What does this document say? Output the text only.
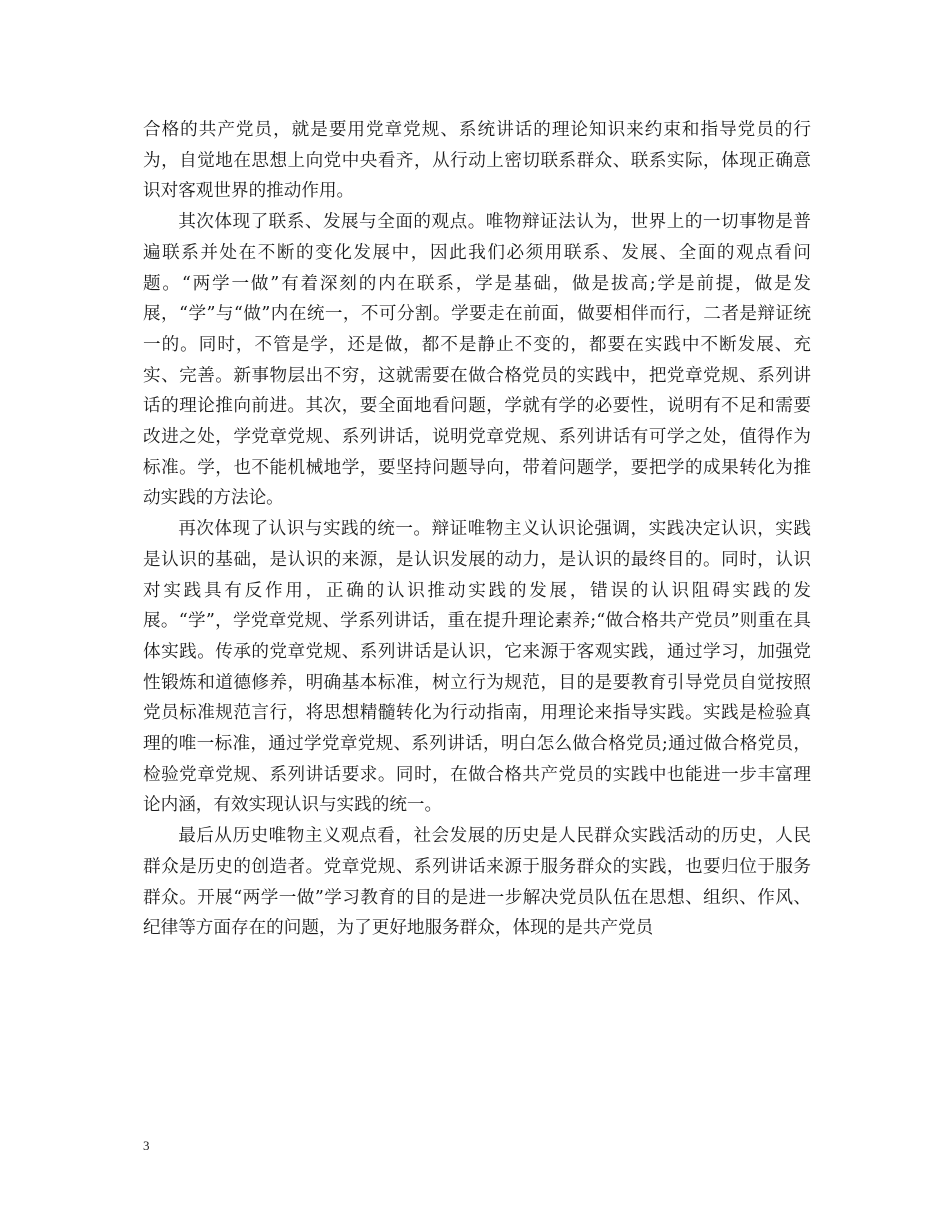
合格的共产党员，就是要用党章党规、系统讲话的理论知识来约束和指导党员的行为，自觉地在思想上向党中央看齐，从行动上密切联系群众、联系实际，体现正确意识对客观世界的推动作用。

其次体现了联系、发展与全面的观点。唯物辩证法认为，世界上的一切事物是普遍联系并处在不断的变化发展中，因此我们必须用联系、发展、全面的观点看问题。“两学一做”有着深刻的内在联系，学是基础，做是拔高;学是前提，做是发展，“学”与“做”内在统一，不可分割。学要走在前面，做要相伴而行，二者是辩证统一的。同时，不管是学，还是做，都不是静止不变的，都要在实践中不断发展、充实、完善。新事物层出不穷，这就需要在做合格党员的实践中，把党章党规、系列讲话的理论推向前进。其次，要全面地看问题，学就有学的必要性，说明有不足和需要改进之处，学党章党规、系列讲话，说明党章党规、系列讲话有可学之处，值得作为标准。学，也不能机械地学，要坚持问题导向，带着问题学，要把学的成果转化为推动实践的方法论。

再次体现了认识与实践的统一。辩证唯物主义认识论强调，实践决定认识，实践是认识的基础，是认识的来源，是认识发展的动力，是认识的最终目的。同时，认识对实践具有反作用，正确的认识推动实践的发展，错误的认识阻碍实践的发展。“学”，学党章党规、学系列讲话，重在提升理论素养;“做合格共产党员”则重在具体实践。传承的党章党规、系列讲话是认识，它来源于客观实践，通过学习，加强党性锻炼和道德修养，明确基本标准，树立行为规范，目的是要教育引导党员自觉按照党员标准规范言行，将思想精髓转化为行动指南，用理论来指导实践。实践是检验真理的唯一标准，通过学党章党规、系列讲话，明白怎么做合格党员;通过做合格党员，检验党章党规、系列讲话要求。同时，在做合格共产党员的实践中也能进一步丰富理论内涵，有效实现认识与实践的统一。

最后从历史唯物主义观点看，社会发展的历史是人民群众实践活动的历史，人民群众是历史的创造者。党章党规、系列讲话来源于服务群众的实践，也要归位于服务群众。开展“两学一做”学习教育的目的是进一步解决党员队伍在思想、组织、作风、纪律等方面存在的问题，为了更好地服务群众，体现的是共产党员

3
